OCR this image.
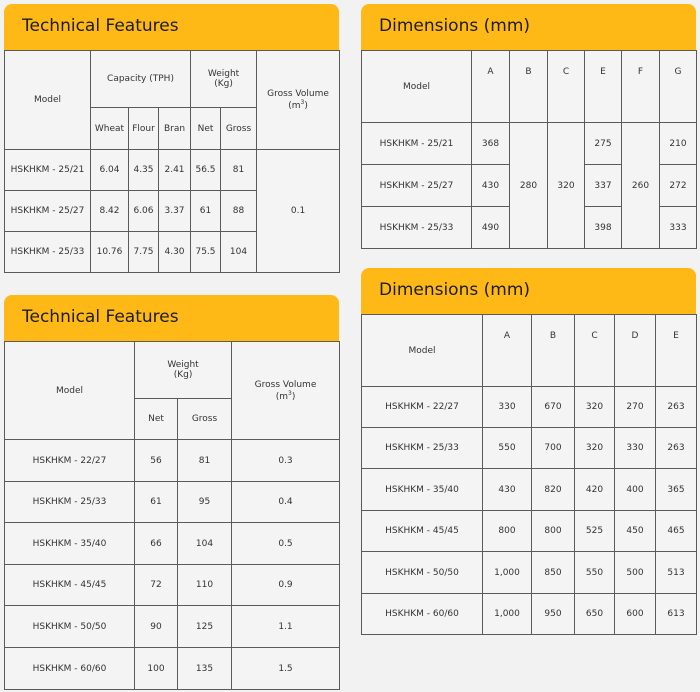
Technical Features
Model	Capacity (TPH)			Weight
(Kg)		Gross Volume
$(m^3)$
	Wheat	Flour	Bran	Net	Gross	
HSKHKM - 25/21	6.04	4.35	2.41	56.5	81	0.1
HSKHKM - 25/27	8.42	6.06	3.37	61	88	
HSKHKM - 25/33	10.76	7.75	4.30	75.5	104	
Dimensions (mm)
Model	A	B	C	E	F	G
HSKHKM - 25/21	368	280	320	275	260	210
HSKHKM - 25/27	430			337		272
HSKHKM - 25/33	490			398		333
Technical Features
Model	Weight
(Kg)		Gross Volume
$(m^3)$
	Net	Gross	
HSKHKM - 22/27	56	81	0.3
HSKHKM - 25/33	61	95	0.4
HSKHKM - 35/40	66	104	0.5
HSKHKM - 45/45	72	110	0.9
HSKHKM - 50/50	90	125	1.1
HSKHKM - 60/60	100	135	1.5
Dimensions (mm)
Model	A	B	C	D	E
HSKHKM - 22/27	330	670	320	270	263
HSKHKM - 25/33	550	700	320	330	263
HSKHKM - 35/40	430	820	420	400	365
HSKHKM - 45/45	800	800	525	450	465
HSKHKM - 50/50	1,000	850	550	500	513
HSKHKM - 60/60	1,000	950	650	600	613
